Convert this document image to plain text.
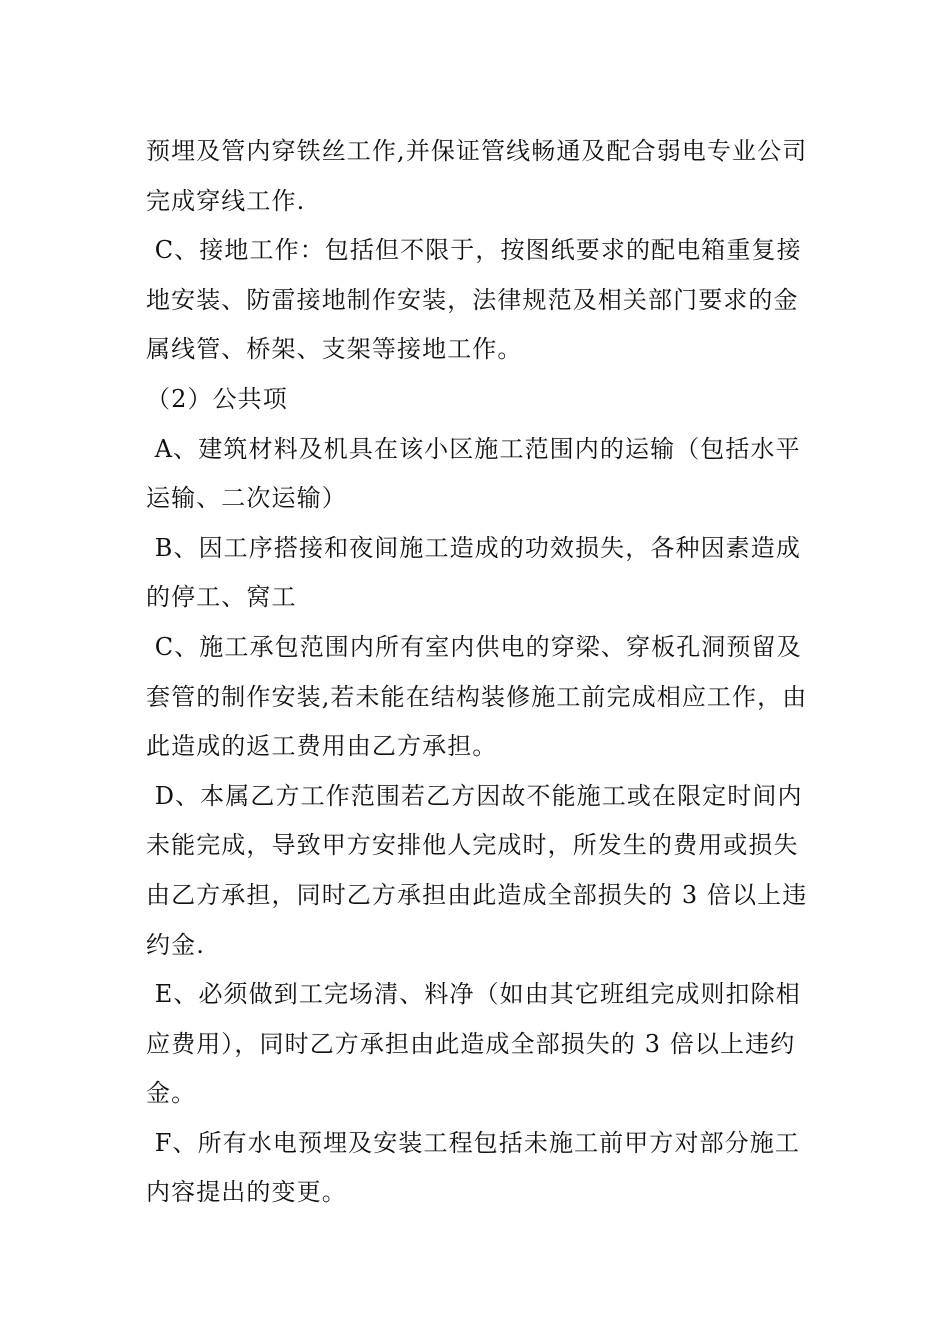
预埋及管内穿铁丝工作,并保证管线畅通及配合弱电专业公司完成穿线工作.

C、接地工作：包括但不限于，按图纸要求的配电箱重复接地安装、防雷接地制作安装，法律规范及相关部门要求的金属线管、桥架、支架等接地工作。

（2）公共项

A、建筑材料及机具在该小区施工范围内的运输（包括水平运输、二次运输）

B、因工序搭接和夜间施工造成的功效损失，各种因素造成的停工、窝工

C、施工承包范围内所有室内供电的穿梁、穿板孔洞预留及套管的制作安装,若未能在结构装修施工前完成相应工作，由此造成的返工费用由乙方承担。

D、本属乙方工作范围若乙方因故不能施工或在限定时间内未能完成，导致甲方安排他人完成时，所发生的费用或损失由乙方承担，同时乙方承担由此造成全部损失的 3 倍以上违约金.

E、必须做到工完场清、料净（如由其它班组完成则扣除相应费用），同时乙方承担由此造成全部损失的 3 倍以上违约金。

F、所有水电预埋及安装工程包括未施工前甲方对部分施工内容提出的变更。
